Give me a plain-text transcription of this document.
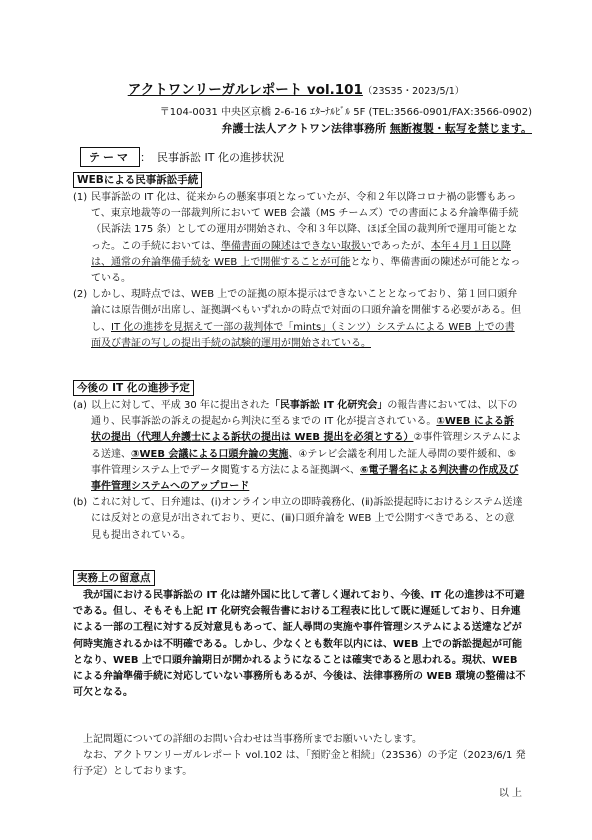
アクトワンリーガルレポート vol.101（23S35・2023/5/1）
〒104-0031 中央区京橋 2-6-16 ｴﾀｰﾅﾙﾋﾞﾙ 5F (TEL:3566-0901/FAX:3566-0902)
弁護士法人アクトワン法律事務所 無断複製・転写を禁じます。
テーマ ： 民事訴訟 IT 化の進捗状況
WEBによる民事訴訟手続
(1) 民事訴訟の IT 化は、従来からの懸案事項となっていたが、令和２年以降コロナ禍の影響もあって、東京地裁等の一部裁判所において WEB 会議（MS チームズ）での書面による弁論準備手続（民訴法 175 条）としての運用が開始され、令和３年以降、ほぼ全国の裁判所で運用可能となった。この手続においては、準備書面の陳述はできない取扱いであったが、本年４月１日以降は、通常の弁論準備手続を WEB 上で開催することが可能となり、準備書面の陳述が可能となっている。
(2) しかし、現時点では、WEB 上での証拠の原本提示はできないこととなっており、第１回口頭弁論には原告側が出席し、証拠調べもいずれかの時点で対面の口頭弁論を開催する必要がある。但し、IT 化の進捗を見据えて一部の裁判体で「mints」（ミンツ）システムによる WEB 上での書面及び書証の写しの提出手続の試験的運用が開始されている。
今後の IT 化の進捗予定
(a) 以上に対して、平成 30 年に提出された「民事訴訟 IT 化研究会」の報告書においては、以下の通り、民事訴訟の訴えの提起から判決に至るまでの IT 化が提言されている。①WEB による訴状の提出（代理人弁護士による訴状の提出は WEB 提出を必須とする）②事件管理システムによる送達、③WEB 会議による口頭弁論の実施、④テレビ会議を利用した証人尋問の要件緩和、⑤事件管理システム上でデータ閲覧する方法による証拠調べ、⑥電子署名による判決書の作成及び事件管理システムへのアップロード
(b) これに対して、日弁連は、(ⅰ)オンライン申立の即時義務化、(ⅱ)訴訟提起時におけるシステム送達には反対との意見が出されており、更に、(ⅲ)口頭弁論を WEB 上で公開すべきである、との意見も提出されている。
実務上の留意点
我が国における民事訴訟の IT 化は諸外国に比して著しく遅れており、今後、IT 化の進捗は不可避である。但し、そもそも上記 IT 化研究会報告書における工程表に比して既に遅延しており、日弁連による一部の工程に対する反対意見もあって、証人尋問の実施や事件管理システムによる送達などが何時実施されるかは不明確である。しかし、少なくとも数年以内には、WEB 上での訴訟提起が可能となり、WEB 上で口頭弁論期日が開かれるようになることは確実であると思われる。現状、WEB による弁論準備手続に対応していない事務所もあるが、今後は、法律事務所の WEB 環境の整備は不可欠となる。
上記問題についての詳細のお問い合わせは当事務所までお願いいたします。
なお、アクトワンリーガルレポート vol.102 は、「預貯金と相続」（23S36）の予定（2023/6/1 発行予定）としております。
以 上
